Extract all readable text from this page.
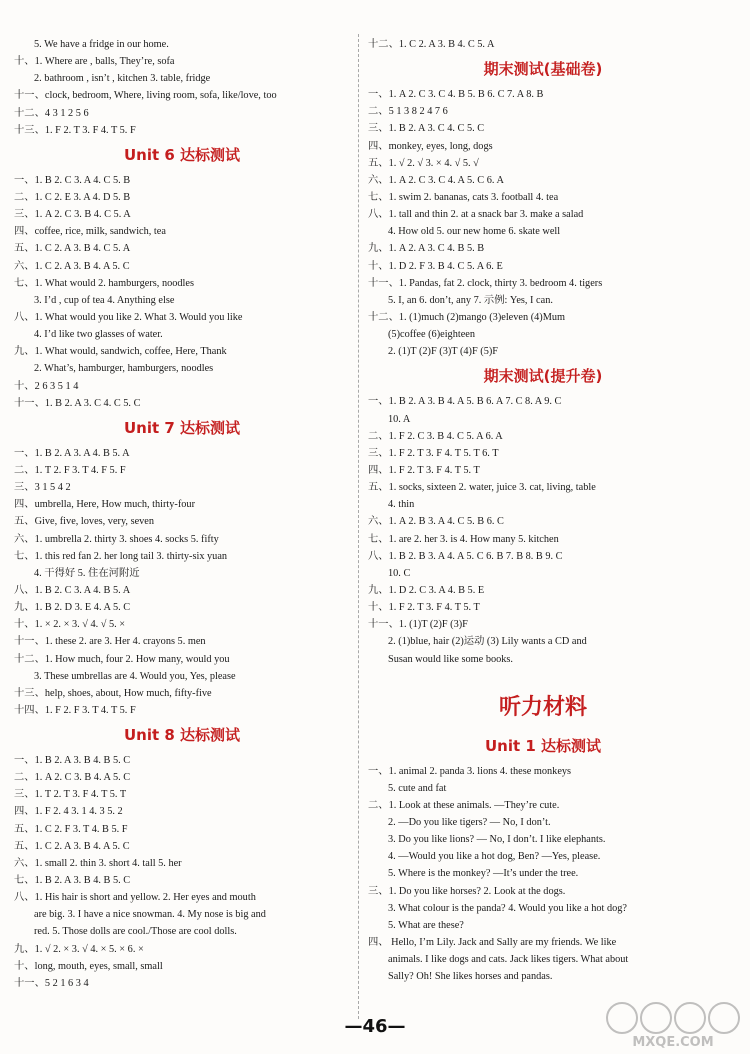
5. We have a fridge in our home.
十、1. Where are , balls, They’re, sofa
2. bathroom , isn’t , kitchen 3. table, fridge
十一、clock, bedroom, Where, living room, sofa, like/love, too
十二、4 3 1 2 5 6
十三、1. F 2. T 3. F 4. T 5. F
Unit 6 达标测试
一、1. B 2. C 3. A 4. C 5. B
二、1. C 2. E 3. A 4. D 5. B
三、1. A 2. C 3. B 4. C 5. A
四、coffee, rice, milk, sandwich, tea
五、1. C 2. A 3. B 4. C 5. A
六、1. C 2. A 3. B 4. A 5. C
七、1. What would 2. hamburgers, noodles
3. I’d , cup of tea 4. Anything else
八、1. What would you like 2. What 3. Would you like
4. I’d like two glasses of water.
九、1. What would, sandwich, coffee, Here, Thank
2. What’s, hamburger, hamburgers, noodles
十、2 6 3 5 1 4
十一、1. B 2. A 3. C 4. C 5. C
Unit 7 达标测试
一、1. B 2. A 3. A 4. B 5. A
二、1. T 2. F 3. T 4. F 5. F
三、3 1 5 4 2
四、umbrella, Here, How much, thirty-four
五、Give, five, loves, very, seven
六、1. umbrella 2. thirty 3. shoes 4. socks 5. fifty
七、1. this red fan 2. her long tail 3. thirty-six yuan
4. 干得好 5. 住在河附近
八、1. B 2. C 3. A 4. B 5. A
九、1. B 2. D 3. E 4. A 5. C
十、1. × 2. × 3. √ 4. √ 5. ×
十一、1. these 2. are 3. Her 4. crayons 5. men
十二、1. How much, four 2. How many, would you
3. These umbrellas are 4. Would you, Yes, please
十三、help, shoes, about, How much, fifty-five
十四、1. F 2. F 3. T 4. T 5. F
Unit 8 达标测试
一、1. B 2. A 3. B 4. B 5. C
二、1. A 2. C 3. B 4. A 5. C
三、1. T 2. T 3. F 4. T 5. T
四、1. F 2. 4 3. 1 4. 3 5. 2
五、1. C 2. F 3. T 4. B 5. F
五、1. C 2. A 3. B 4. A 5. C
六、1. small 2. thin 3. short 4. tall 5. her
七、1. B 2. A 3. B 4. B 5. C
八、1. His hair is short and yellow. 2. Her eyes and mouth
are big. 3. I have a nice snowman. 4. My nose is big and
red. 5. Those dolls are cool./Those are cool dolls.
九、1. √ 2. × 3. √ 4. × 5. × 6. ×
十、long, mouth, eyes, small, small
十一、5 2 1 6 3 4
十二、1. C 2. A 3. B 4. C 5. A
期末测试(基础卷)
一、1. A 2. C 3. C 4. B 5. B 6. C 7. A 8. B
二、5 1 3 8 2 4 7 6
三、1. B 2. A 3. C 4. C 5. C
四、monkey, eyes, long, dogs
五、1. √ 2. √ 3. × 4. √ 5. √
六、1. A 2. C 3. C 4. A 5. C 6. A
七、1. swim 2. bananas, cats 3. football 4. tea
八、1. tall and thin 2. at a snack bar 3. make a salad
4. How old 5. our new home 6. skate well
九、1. A 2. A 3. C 4. B 5. B
十、1. D 2. F 3. B 4. C 5. A 6. E
十一、1. Pandas, fat 2. clock, thirty 3. bedroom 4. tigers
5. I, an 6. don’t, any 7. 示例: Yes, I can.
十二、1. (1)much (2)mango (3)eleven (4)Mum
(5)coffee (6)eighteen
2. (1)T (2)F (3)T (4)F (5)F
期末测试(提升卷)
一、1. B 2. A 3. B 4. A 5. B 6. A 7. C 8. A 9. C
10. A
二、1. F 2. C 3. B 4. C 5. A 6. A
三、1. F 2. T 3. F 4. T 5. T 6. T
四、1. F 2. T 3. F 4. T 5. T
五、1. socks, sixteen 2. water, juice 3. cat, living, table
4. thin
六、1. A 2. B 3. A 4. C 5. B 6. C
七、1. are 2. her 3. is 4. How many 5. kitchen
八、1. B 2. B 3. A 4. A 5. C 6. B 7. B 8. B 9. C
10. C
九、1. D 2. C 3. A 4. B 5. E
十、1. F 2. T 3. F 4. T 5. T
十一、1. (1)T (2)F (3)F
2. (1)blue, hair (2)运动 (3) Lily wants a CD and
Susan would like some books.
听力材料
Unit 1 达标测试
一、1. animal 2. panda 3. lions 4. these monkeys
5. cute and fat
二、1. Look at these animals. —They’re cute.
2. —Do you like tigers? — No, I don’t.
3. Do you like lions? — No, I don’t. I like elephants.
4. —Would you like a hot dog, Ben? —Yes, please.
5. Where is the monkey? —It’s under the tree.
三、1. Do you like horses? 2. Look at the dogs.
3. What colour is the panda? 4. Would you like a hot dog?
5. What are these?
四、 Hello, I’m Lily. Jack and Sally are my friends. We like
animals. I like dogs and cats. Jack likes tigers. What about
Sally? Oh! She likes horses and pandas.
—46—
MXQE.COM
